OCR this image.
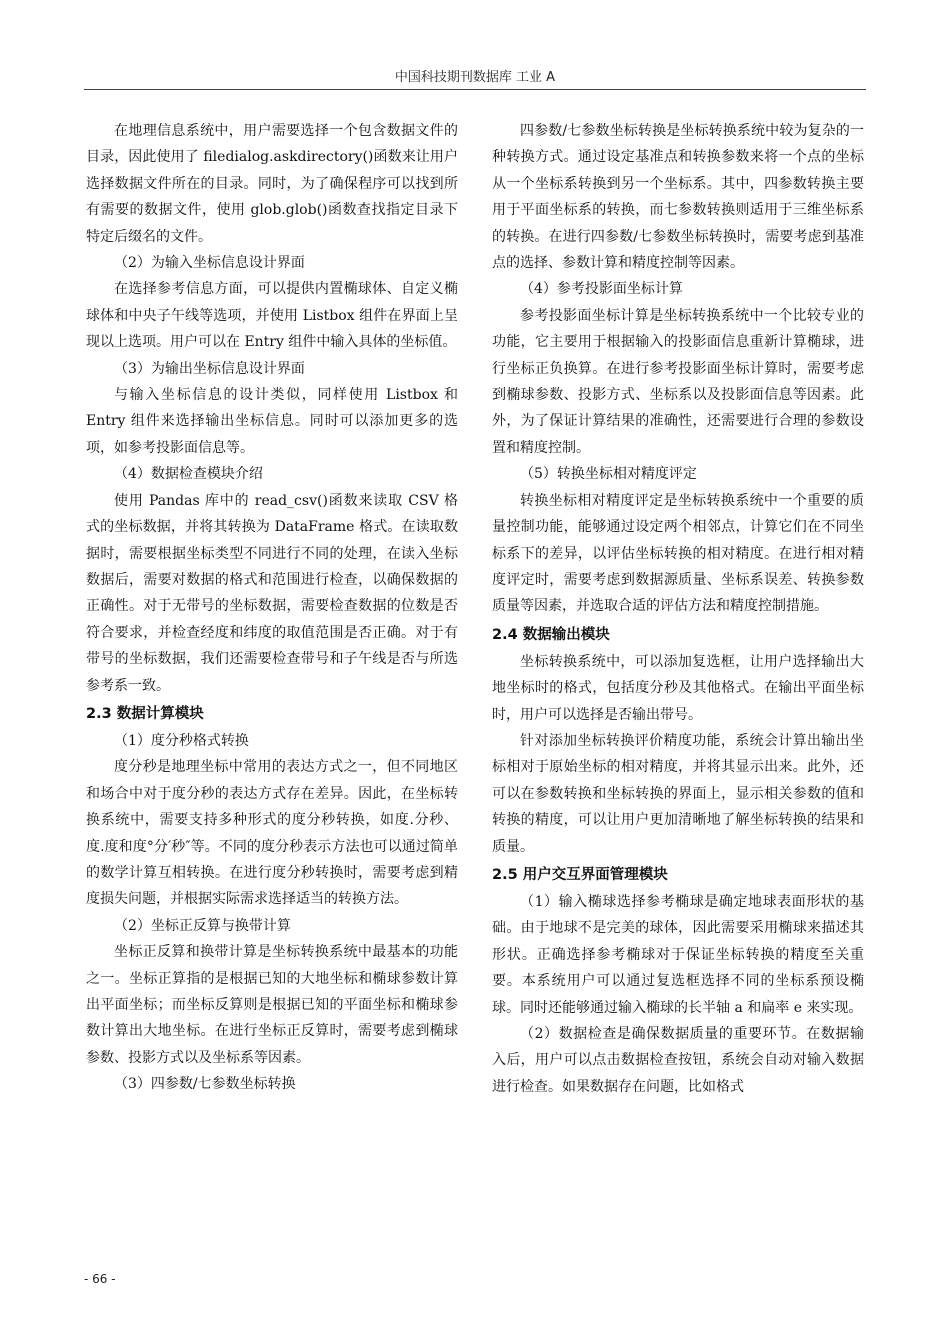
中国科技期刊数据库 工业 A

在地理信息系统中，用户需要选择一个包含数据文件的目录，因此使用了 filedialog.askdirectory()函数来让用户选择数据文件所在的目录。同时，为了确保程序可以找到所有需要的数据文件，使用 glob.glob()函数查找指定目录下特定后缀名的文件。

（2）为输入坐标信息设计界面

在选择参考信息方面，可以提供内置椭球体、自定义椭球体和中央子午线等选项，并使用 Listbox 组件在界面上呈现以上选项。用户可以在 Entry 组件中输入具体的坐标值。

（3）为输出坐标信息设计界面

与输入坐标信息的设计类似，同样使用 Listbox 和 Entry 组件来选择输出坐标信息。同时可以添加更多的选项，如参考投影面信息等。

（4）数据检查模块介绍

使用 Pandas 库中的 read_csv()函数来读取 CSV 格式的坐标数据，并将其转换为 DataFrame 格式。在读取数据时，需要根据坐标类型不同进行不同的处理，在读入坐标数据后，需要对数据的格式和范围进行检查，以确保数据的正确性。对于无带号的坐标数据，需要检查数据的位数是否符合要求，并检查经度和纬度的取值范围是否正确。对于有带号的坐标数据，我们还需要检查带号和子午线是否与所选参考系一致。

2.3 数据计算模块

（1）度分秒格式转换

度分秒是地理坐标中常用的表达方式之一，但不同地区和场合中对于度分秒的表达方式存在差异。因此，在坐标转换系统中，需要支持多种形式的度分秒转换，如度.分秒、度.度和度°分′秒″等。不同的度分秒表示方法也可以通过简单的数学计算互相转换。在进行度分秒转换时，需要考虑到精度损失问题，并根据实际需求选择适当的转换方法。

（2）坐标正反算与换带计算

坐标正反算和换带计算是坐标转换系统中最基本的功能之一。坐标正算指的是根据已知的大地坐标和椭球参数计算出平面坐标；而坐标反算则是根据已知的平面坐标和椭球参数计算出大地坐标。在进行坐标正反算时，需要考虑到椭球参数、投影方式以及坐标系等因素。

（3）四参数/七参数坐标转换

四参数/七参数坐标转换是坐标转换系统中较为复杂的一种转换方式。通过设定基准点和转换参数来将一个点的坐标从一个坐标系转换到另一个坐标系。其中，四参数转换主要用于平面坐标系的转换，而七参数转换则适用于三维坐标系的转换。在进行四参数/七参数坐标转换时，需要考虑到基准点的选择、参数计算和精度控制等因素。

（4）参考投影面坐标计算

参考投影面坐标计算是坐标转换系统中一个比较专业的功能，它主要用于根据输入的投影面信息重新计算椭球，进行坐标正负换算。在进行参考投影面坐标计算时，需要考虑到椭球参数、投影方式、坐标系以及投影面信息等因素。此外，为了保证计算结果的准确性，还需要进行合理的参数设置和精度控制。

（5）转换坐标相对精度评定

转换坐标相对精度评定是坐标转换系统中一个重要的质量控制功能，能够通过设定两个相邻点，计算它们在不同坐标系下的差异，以评估坐标转换的相对精度。在进行相对精度评定时，需要考虑到数据源质量、坐标系误差、转换参数质量等因素，并选取合适的评估方法和精度控制措施。

2.4 数据输出模块

坐标转换系统中，可以添加复选框，让用户选择输出大地坐标时的格式，包括度分秒及其他格式。在输出平面坐标时，用户可以选择是否输出带号。

针对添加坐标转换评价精度功能，系统会计算出输出坐标相对于原始坐标的相对精度，并将其显示出来。此外，还可以在参数转换和坐标转换的界面上，显示相关参数的值和转换的精度，可以让用户更加清晰地了解坐标转换的结果和质量。

2.5 用户交互界面管理模块

（1）输入椭球选择参考椭球是确定地球表面形状的基础。由于地球不是完美的球体，因此需要采用椭球来描述其形状。正确选择参考椭球对于保证坐标转换的精度至关重要。本系统用户可以通过复选框选择不同的坐标系预设椭球。同时还能够通过输入椭球的长半轴 a 和扁率 e 来实现。

（2）数据检查是确保数据质量的重要环节。在数据输入后，用户可以点击数据检查按钮，系统会自动对输入数据进行检查。如果数据存在问题，比如格式

- 66 -
